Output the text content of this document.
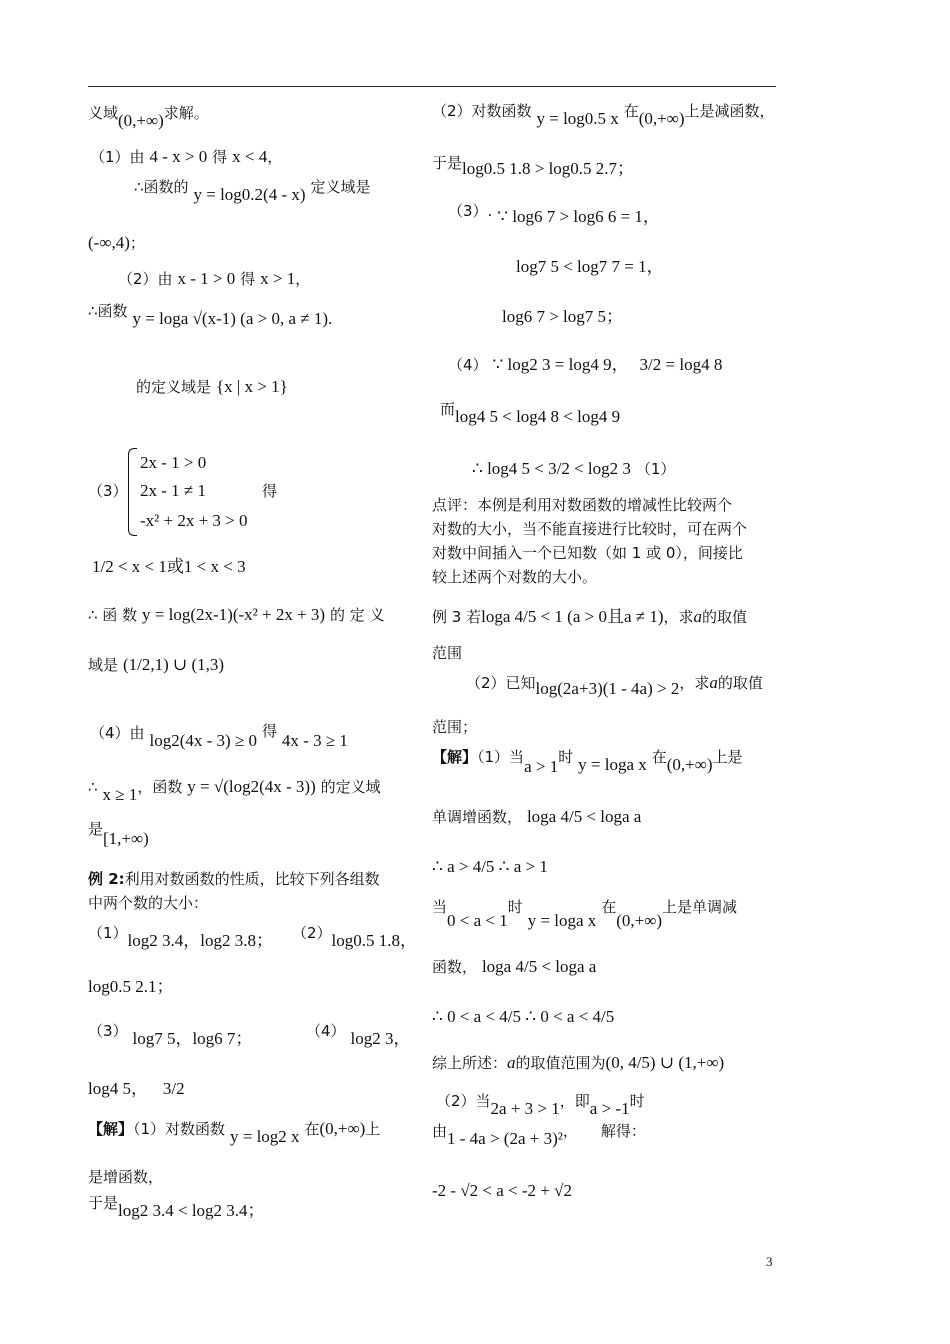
义域(0,+∞)求解。
（1）由 4 - x > 0 得 x < 4，
∴函数的 y = log0.2(4 - x) 定义域是
(-∞,4)；
（2）由 x - 1 > 0 得 x > 1，
∴函数 y = loga √(x-1) (a > 0, a ≠ 1).
的定义域是 {x | x > 1}
（3）
2x - 1 > 0
2x - 1 ≠ 1	得
-x² + 2x + 3 > 0
1/2 < x < 1或1 < x < 3
∴ 函 数 y = log(2x-1)(-x² + 2x + 3) 的 定 义
域是 (1/2,1) ∪ (1,3)
（4）由 log2(4x - 3) ≥ 0 得 4x - 3 ≥ 1
∴ x ≥ 1，函数 y = √(log2(4x - 3)) 的定义域
是[1,+∞)
例 2:利用对数函数的性质，比较下列各组数
中两个数的大小：
（1）log2 3.4，log2 3.8； （2）log0.5 1.8，
log0.5 2.1；
（3） log7 5，log6 7；	（4） log2 3，
log4 5， 3/2
【解】（1）对数函数 y = log2 x 在(0,+∞)上
是增函数，
于是log2 3.4 < log2 3.4；
（2）对数函数 y = log0.5 x 在(0,+∞)上是减函数，
于是log0.5 1.8 > log0.5 2.7；
（3）. ∵ log6 7 > log6 6 = 1，
log7 5 < log7 7 = 1，
log6 7 > log7 5；
（4） ∵ log2 3 = log4 9， 3/2 = log4 8
而log4 5 < log4 8 < log4 9
∴ log4 5 < 3/2 < log2 3 （1）
点评：本例是利用对数函数的增减性比较两个
对数的大小，当不能直接进行比较时，可在两个
对数中间插入一个已知数（如 1 或 0），间接比
较上述两个对数的大小。
例 3 若loga 4/5 < 1 (a > 0且a ≠ 1)，求a的取值
范围
（2）已知log(2a+3)(1 - 4a) > 2，求a的取值
范围；
【解】（1）当a > 1时 y = loga x 在(0,+∞)上是
单调增函数， loga 4/5 < loga a
∴ a > 4/5 ∴ a > 1
当0 < a < 1时 y = loga x 在(0,+∞)上是单调减
函数， loga 4/5 < loga a
∴ 0 < a < 4/5 ∴ 0 < a < 4/5
综上所述：a的取值范围为(0, 4/5) ∪ (1,+∞)
（2）当2a + 3 > 1，即a > -1时
由1 - 4a > (2a + 3)²， 解得：
-2 - √2 < a < -2 + √2
3
